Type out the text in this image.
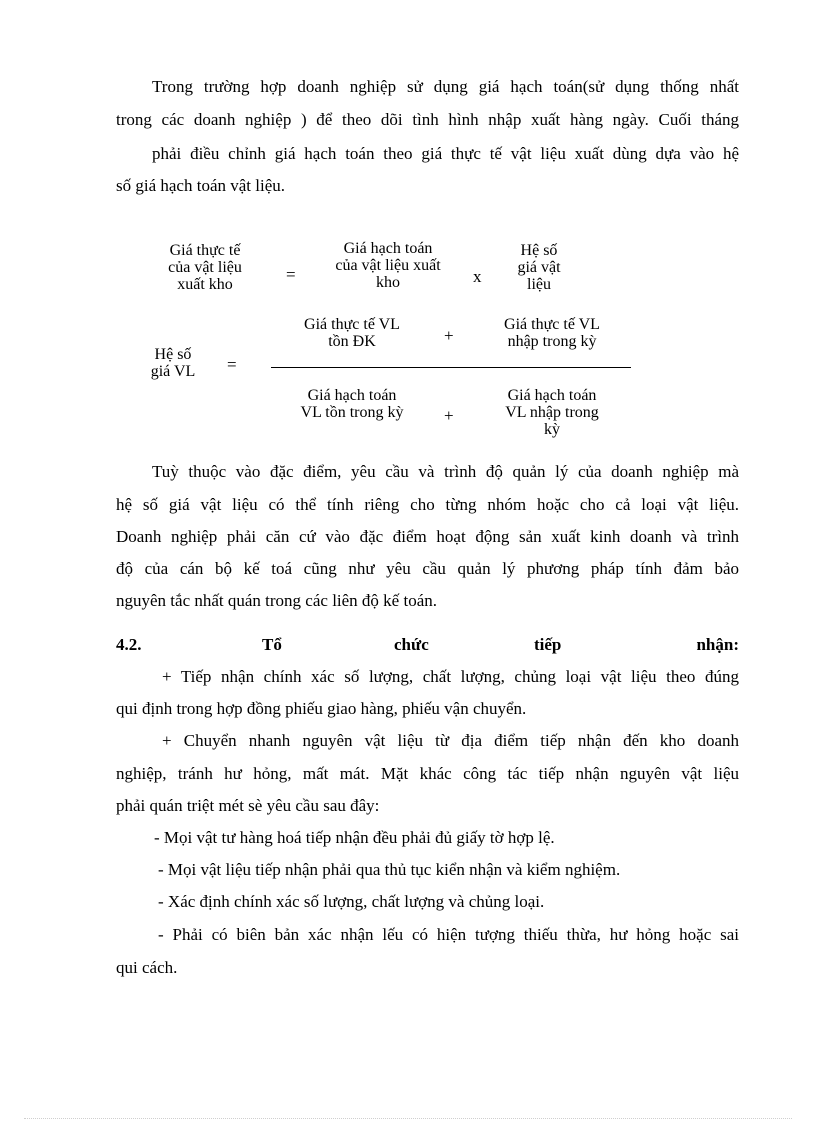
Trong trường hợp doanh nghiệp sử dụng giá hạch toán(sử dụng thống nhất
trong các doanh nghiệp ) để theo dõi tình hình nhập xuất hàng ngày. Cuối tháng
phải điều chỉnh giá hạch toán theo giá thực tế vật liệu xuất dùng dựa vào hệ
số giá hạch toán vật liệu.
Giá thực tế
của vật liệu
xuất kho
=
Giá hạch toán
của vật liệu xuất
kho	x
Hệ số
giá vật
liệu
Hệ số
giá VL	=
Giá thực tế VL
tồn ĐK	+
Giá thực tế VL
nhập trong kỳ
Giá hạch toán
VL tồn trong kỳ	+
Giá hạch toán
VL nhập trong
kỳ
Tuỳ thuộc vào đặc điểm, yêu cầu và trình độ quản lý của doanh nghiệp mà
hệ số giá vật liệu có thể tính riêng cho từng nhóm hoặc cho cả loại vật liệu.
Doanh nghiệp phải căn cứ vào đặc điểm hoạt động sản xuất kinh doanh và trình
độ của cán bộ kế toá cũng như yêu cầu quản lý phương pháp tính đảm bảo
nguyên tắc nhất quán trong các liên độ kế toán.
4.2.	Tổ	chức	tiếp	nhận:
+ Tiếp nhận chính xác số lượng, chất lượng, chủng loại vật liệu theo đúng
qui định trong hợp đồng phiếu giao hàng, phiếu vận chuyển.
+ Chuyển nhanh nguyên vật liệu từ địa điểm tiếp nhận đến kho doanh
nghiệp, tránh hư hỏng, mất mát. Mặt khác công tác tiếp nhận nguyên vật liệu
phải quán triệt mét sè yêu cầu sau đây:
- Mọi vật tư hàng hoá tiếp nhận đều phải đủ giấy tờ hợp lệ.
- Mọi vật liệu tiếp nhận phải qua thủ tục kiển nhận và kiểm nghiệm.
- Xác định chính xác số lượng, chất lượng và chủng loại.
- Phải có biên bản xác nhận lếu có hiện tượng thiếu thừa, hư hỏng hoặc sai
qui cách.
